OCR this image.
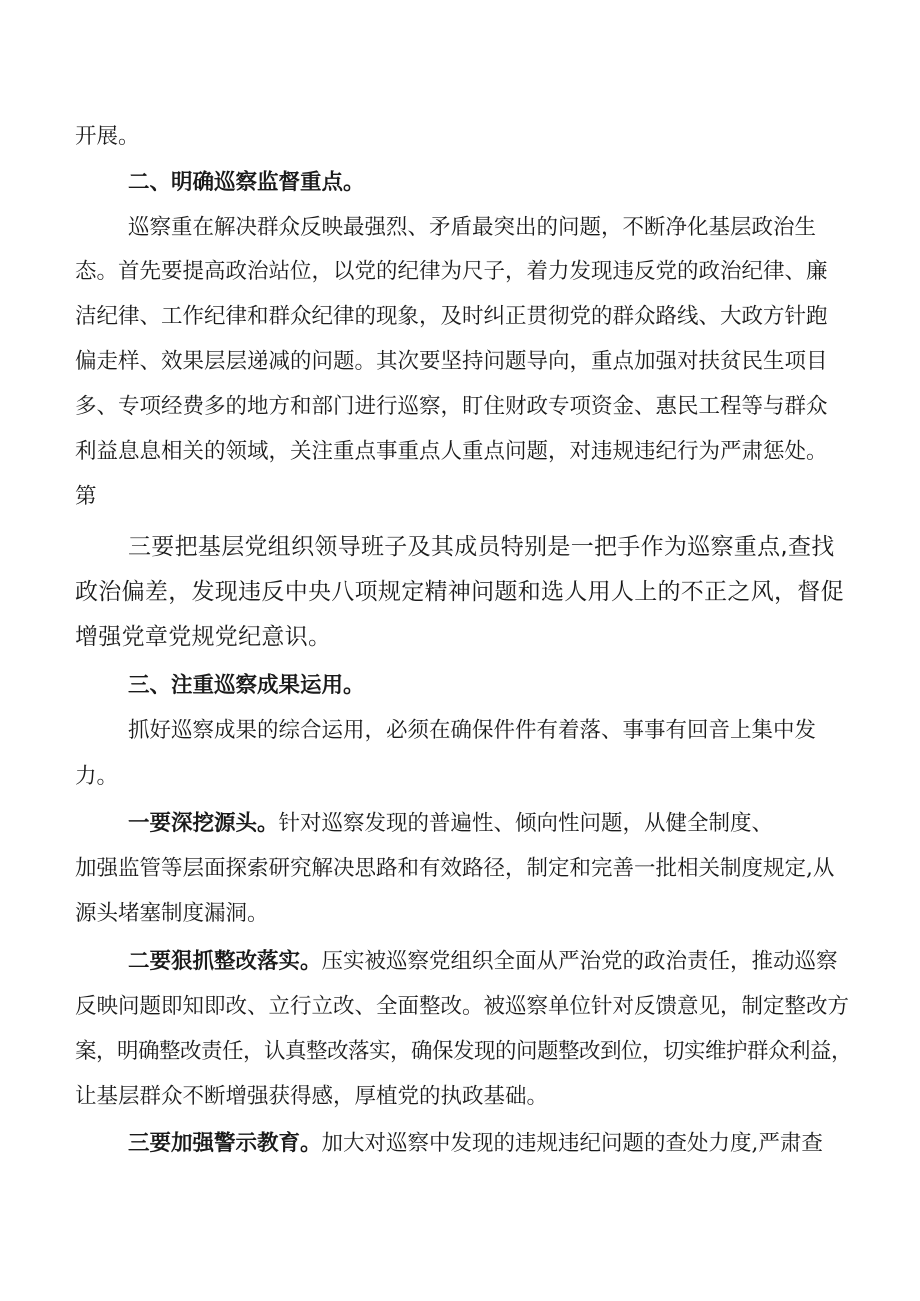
开展。

二、明确巡察监督重点。

巡察重在解决群众反映最强烈、矛盾最突出的问题，不断净化基层政治生

态。首先要提高政治站位，以党的纪律为尺子，着力发现违反党的政治纪律、廉

洁纪律、工作纪律和群众纪律的现象，及时纠正贯彻党的群众路线、大政方针跑

偏走样、效果层层递减的问题。其次要坚持问题导向，重点加强对扶贫民生项目

多、专项经费多的地方和部门进行巡察，盯住财政专项资金、惠民工程等与群众

利益息息相关的领域，关注重点事重点人重点问题，对违规违纪行为严肃惩处。

第

三要把基层党组织领导班子及其成员特别是一把手作为巡察重点,查找

政治偏差，发现违反中央八项规定精神问题和选人用人上的不正之风，督促

增强党章党规党纪意识。

三、注重巡察成果运用。

抓好巡察成果的综合运用，必须在确保件件有着落、事事有回音上集中发

力。

一要深挖源头。针对巡察发现的普遍性、倾向性问题，从健全制度、

加强监管等层面探索研究解决思路和有效路径，制定和完善一批相关制度规定,从

源头堵塞制度漏洞。

二要狠抓整改落实。压实被巡察党组织全面从严治党的政治责任，推动巡察

反映问题即知即改、立行立改、全面整改。被巡察单位针对反馈意见，制定整改方

案，明确整改责任，认真整改落实，确保发现的问题整改到位，切实维护群众利益，

让基层群众不断增强获得感，厚植党的执政基础。

三要加强警示教育。加大对巡察中发现的违规违纪问题的查处力度,严肃查
